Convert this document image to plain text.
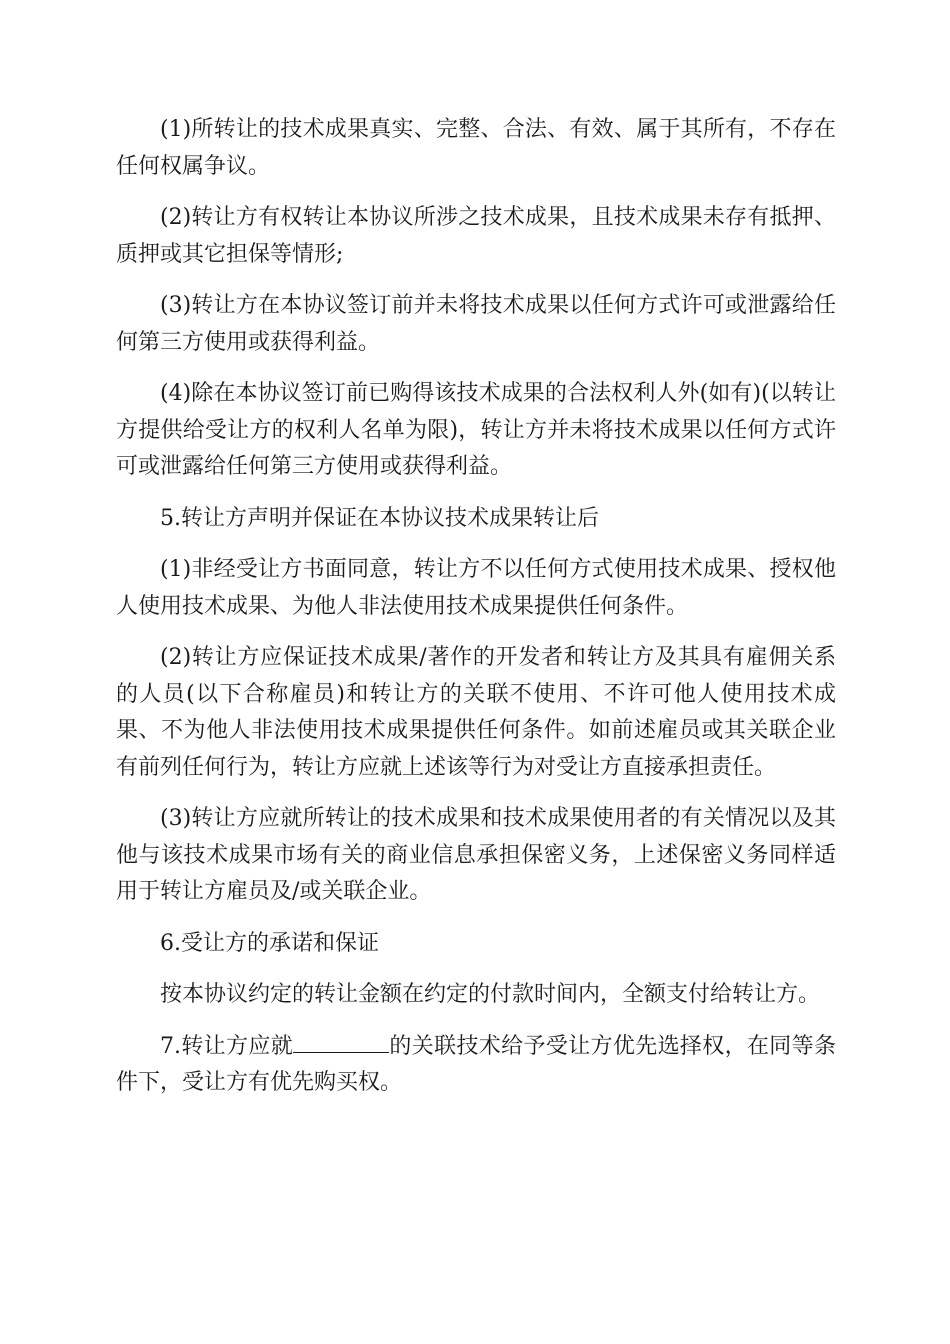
(1)所转让的技术成果真实、完整、合法、有效、属于其所有，不存在任何权属争议。

(2)转让方有权转让本协议所涉之技术成果，且技术成果未存有抵押、质押或其它担保等情形;

(3)转让方在本协议签订前并未将技术成果以任何方式许可或泄露给任何第三方使用或获得利益。

(4)除在本协议签订前已购得该技术成果的合法权利人外(如有)(以转让方提供给受让方的权利人名单为限)，转让方并未将技术成果以任何方式许可或泄露给任何第三方使用或获得利益。

5.转让方声明并保证在本协议技术成果转让后

(1)非经受让方书面同意，转让方不以任何方式使用技术成果、授权他人使用技术成果、为他人非法使用技术成果提供任何条件。

(2)转让方应保证技术成果/著作的开发者和转让方及其具有雇佣关系的人员(以下合称雇员)和转让方的关联不使用、不许可他人使用技术成果、不为他人非法使用技术成果提供任何条件。如前述雇员或其关联企业有前列任何行为，转让方应就上述该等行为对受让方直接承担责任。

(3)转让方应就所转让的技术成果和技术成果使用者的有关情况以及其他与该技术成果市场有关的商业信息承担保密义务，上述保密义务同样适用于转让方雇员及/或关联企业。

6.受让方的承诺和保证

按本协议约定的转让金额在约定的付款时间内，全额支付给转让方。

7.转让方应就	的关联技术给予受让方优先选择权，在同等条件下，受让方有优先购买权。
